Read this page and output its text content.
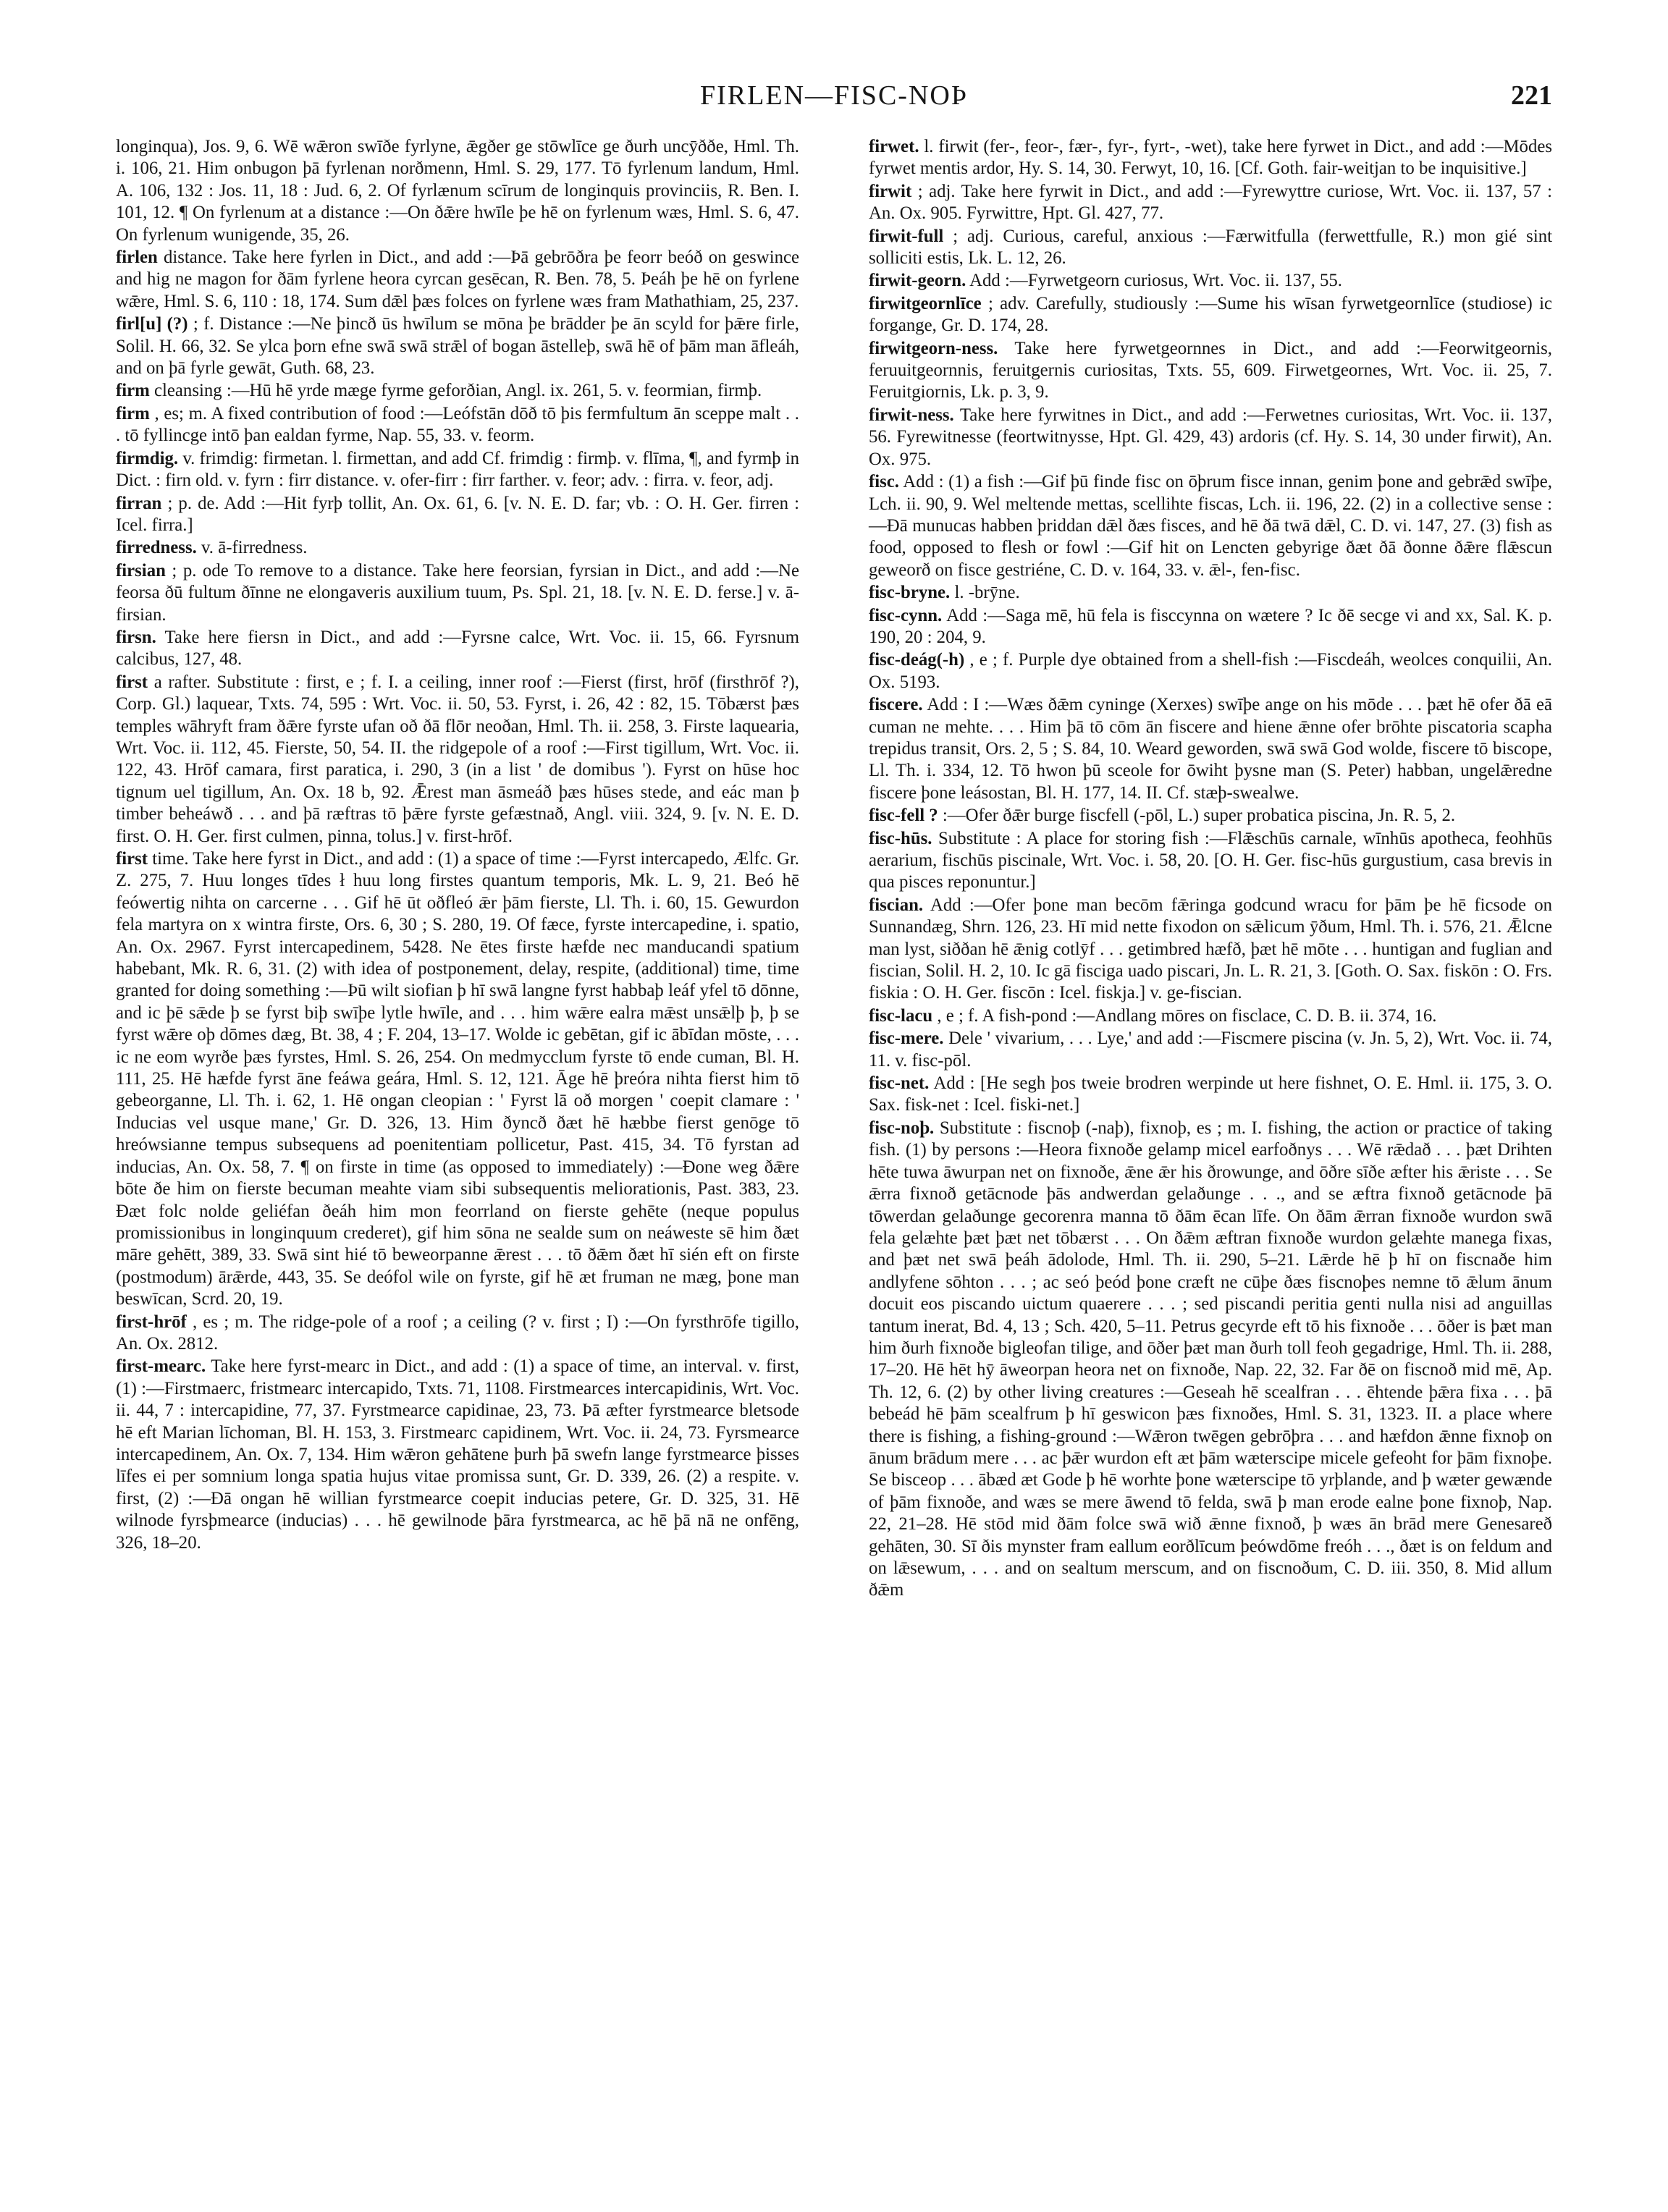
FIRLEN—FISC-NOÞ	221

longinqua), Jos. 9, 6. Wē wǣron swīðe fyrlyne, ǣgðer ge stōwlīce ge ðurh uncȳððe, Hml. Th. i. 106, 21. Him onbugon þā fyrlenan norðmenn, Hml. S. 29, 177. Tō fyrlenum landum, Hml. A. 106, 132 : Jos. 11, 18 : Jud. 6, 2. Of fyrlænum scīrum de longinquis provinciis, R. Ben. I. 101, 12. ¶ On fyrlenum at a distance :—On ðǣre hwīle þe hē on fyrlenum wæs, Hml. S. 6, 47. On fyrlenum wunigende, 35, 26.

firlen distance. Take here fyrlen in Dict., and add :—Þā gebrōðra þe feorr beóð on geswince and hig ne magon for ðām fyrlene heora cyrcan gesēcan, R. Ben. 78, 5. Þeáh þe hē on fyrlene wǣre, Hml. S. 6, 110 : 18, 174. Sum dǣl þæs folces on fyrlene wæs fram Mathathiam, 25, 237.

firl[u] (?) ; f. Distance :—Ne þincð ūs hwīlum se mōna þe brādder þe ān scyld for þǣre firle, Solil. H. 66, 32. Se ylca þorn efne swā swā strǣl of bogan āstelleþ, swā hē of þām man āfleáh, and on þā fyrle gewāt, Guth. 68, 23.

firm cleansing :—Hū hē yrde mæge fyrme geforðian, Angl. ix. 261, 5. v. feormian, firmþ.

firm , es; m. A fixed contribution of food :—Leófstān dōð tō þis fermfultum ān sceppe malt . . . tō fyllincge intō þan ealdan fyrme, Nap. 55, 33. v. feorm.

firmdig. v. frimdig: firmetan. l. firmettan, and add Cf. frimdig : firmþ. v. flīma, ¶, and fyrmþ in Dict. : firn old. v. fyrn : firr distance. v. ofer-firr : firr farther. v. feor; adv. : firra. v. feor, adj.

firran ; p. de. Add :—Hit fyrþ tollit, An. Ox. 61, 6. [v. N. E. D. far; vb. : O. H. Ger. firren : Icel. firra.]

firredness. v. ā-firredness.

firsian ; p. ode To remove to a distance. Take here feorsian, fyrsian in Dict., and add :—Ne feorsa ðū fultum ðīnne ne elongaveris auxilium tuum, Ps. Spl. 21, 18. [v. N. E. D. ferse.] v. ā-firsian.

firsn. Take here fiersn in Dict., and add :—Fyrsne calce, Wrt. Voc. ii. 15, 66. Fyrsnum calcibus, 127, 48.

first a rafter. Substitute : first, e ; f. I. a ceiling, inner roof :—Fierst (first, hrōf (firsthrōf ?), Corp. Gl.) laquear, Txts. 74, 595 : Wrt. Voc. ii. 50, 53. Fyrst, i. 26, 42 : 82, 15. Tōbærst þæs temples wāhryft fram ðǣre fyrste ufan oð ðā flōr neoðan, Hml. Th. ii. 258, 3. Firste laquearia, Wrt. Voc. ii. 112, 45. Fierste, 50, 54. II. the ridgepole of a roof :—First tigillum, Wrt. Voc. ii. 122, 43. Hrōf camara, first paratica, i. 290, 3 (in a list ' de domibus '). Fyrst on hūse hoc tignum uel tigillum, An. Ox. 18 b, 92. Ǣrest man āsmeáð þæs hūses stede, and eác man þ timber beheáwð . . . and þā ræftras tō þǣre fyrste gefæstnað, Angl. viii. 324, 9. [v. N. E. D. first. O. H. Ger. first culmen, pinna, tolus.] v. first-hrōf.

first time. Take here fyrst in Dict., and add : (1) a space of time :—Fyrst intercapedo, Ælfc. Gr. Z. 275, 7. Huu longes tīdes ł huu long firstes quantum temporis, Mk. L. 9, 21. Beó hē feówertig nihta on carcerne . . . Gif hē ūt oðfleó ǣr þām fierste, Ll. Th. i. 60, 15. Gewurdon fela martyra on x wintra firste, Ors. 6, 30 ; S. 280, 19. Of fæce, fyrste intercapedine, i. spatio, An. Ox. 2967. Fyrst intercapedinem, 5428. Ne ētes firste hæfde nec manducandi spatium habebant, Mk. R. 6, 31. (2) with idea of postponement, delay, respite, (additional) time, time granted for doing something :—Þū wilt siofian þ hī swā langne fyrst habbaþ leáf yfel tō dōnne, and ic þē sǣde þ se fyrst biþ swīþe lytle hwīle, and . . . him wǣre ealra mǣst unsǣlþ þ, þ se fyrst wǣre oþ dōmes dæg, Bt. 38, 4 ; F. 204, 13–17. Wolde ic gebētan, gif ic ābīdan mōste, . . . ic ne eom wyrðe þæs fyrstes, Hml. S. 26, 254. On medmycclum fyrste tō ende cuman, Bl. H. 111, 25. Hē hæfde fyrst āne feáwa geára, Hml. S. 12, 121. Āge hē þreóra nihta fierst him tō gebeorganne, Ll. Th. i. 62, 1. Hē ongan cleopian : ' Fyrst lā oð morgen ' coepit clamare : ' Inducias vel usque mane,' Gr. D. 326, 13. Him ðyncð ðæt hē hæbbe fierst genōge tō hreówsianne tempus subsequens ad poenitentiam pollicetur, Past. 415, 34. Tō fyrstan ad inducias, An. Ox. 58, 7. ¶ on firste in time (as opposed to immediately) :—Ðone weg ðǣre bōte ðe him on fierste becuman meahte viam sibi subsequentis meliorationis, Past. 383, 23. Ðæt folc nolde geliéfan ðeáh him mon feorrland on fierste gehēte (neque populus promissionibus in longinquum crederet), gif him sōna ne sealde sum on neáweste sē him ðæt māre gehētt, 389, 33. Swā sint hié tō beweorpanne ǣrest . . . tō ðǣm ðæt hī sién eft on firste (postmodum) ārǣrde, 443, 35. Se deófol wile on fyrste, gif hē æt fruman ne mæg, þone man beswīcan, Scrd. 20, 19.

first-hrōf , es ; m. The ridge-pole of a roof ; a ceiling (? v. first ; I) :—On fyrsthrōfe tigillo, An. Ox. 2812.

first-mearc. Take here fyrst-mearc in Dict., and add : (1) a space of time, an interval. v. first, (1) :—Firstmaerc, fristmearc intercapido, Txts. 71, 1108. Firstmearces intercapidinis, Wrt. Voc. ii. 44, 7 : intercapidine, 77, 37. Fyrstmearce capidinae, 23, 73. Þā æfter fyrstmearce bletsode hē eft Marian līchoman, Bl. H. 153, 3. Firstmearc capidinem, Wrt. Voc. ii. 24, 73. Fyrsmearce intercapedinem, An. Ox. 7, 134. Him wǣron gehātene þurh þā swefn lange fyrstmearce þisses līfes ei per somnium longa spatia hujus vitae promissa sunt, Gr. D. 339, 26. (2) a respite. v. first, (2) :—Ðā ongan hē willian fyrstmearce coepit inducias petere, Gr. D. 325, 31. Hē wilnode fyrsþmearce (inducias) . . . hē gewilnode þāra fyrstmearca, ac hē þā nā ne onfēng, 326, 18–20.

firwet. l. firwit (fer-, feor-, fær-, fyr-, fyrt-, -wet), take here fyrwet in Dict., and add :—Mōdes fyrwet mentis ardor, Hy. S. 14, 30. Ferwyt, 10, 16. [Cf. Goth. fair-weitjan to be inquisitive.]

firwit ; adj. Take here fyrwit in Dict., and add :—Fyrewyttre curiose, Wrt. Voc. ii. 137, 57 : An. Ox. 905. Fyrwittre, Hpt. Gl. 427, 77.

firwit-full ; adj. Curious, careful, anxious :—Færwitfulla (ferwettfulle, R.) mon gié sint solliciti estis, Lk. L. 12, 26.

firwit-georn. Add :—Fyrwetgeorn curiosus, Wrt. Voc. ii. 137, 55.

firwitgeornlīce ; adv. Carefully, studiously :—Sume his wīsan fyrwetgeornlīce (studiose) ic forgange, Gr. D. 174, 28.

firwitgeorn-ness. Take here fyrwetgeornnes in Dict., and add :—Feorwitgeornis, feruuitgeornnis, feruitgernis curiositas, Txts. 55, 609. Firwetgeornes, Wrt. Voc. ii. 25, 7. Feruitgiornis, Lk. p. 3, 9.

firwit-ness. Take here fyrwitnes in Dict., and add :—Ferwetnes curiositas, Wrt. Voc. ii. 137, 56. Fyrewitnesse (feortwitnysse, Hpt. Gl. 429, 43) ardoris (cf. Hy. S. 14, 30 under firwit), An. Ox. 975.

fisc. Add : (1) a fish :—Gif þū finde fisc on ōþrum fisce innan, genim þone and gebrǣd swīþe, Lch. ii. 90, 9. Wel meltende mettas, scellihte fiscas, Lch. ii. 196, 22. (2) in a collective sense :—Ðā munucas habben þriddan dǣl ðæs fisces, and hē ðā twā dǣl, C. D. vi. 147, 27. (3) fish as food, opposed to flesh or fowl :—Gif hit on Lencten gebyrige ðæt ðā ðonne ðǣre flǣscun geweorð on fisce gestriéne, C. D. v. 164, 33. v. ǣl-, fen-fisc.

fisc-bryne. l. -brȳne.

fisc-cynn. Add :—Saga mē, hū fela is fisccynna on wætere ? Ic ðē secge vi and xx, Sal. K. p. 190, 20 : 204, 9.

fisc-deág(-h) , e ; f. Purple dye obtained from a shell-fish :—Fiscdeáh, weolces conquilii, An. Ox. 5193.

fiscere. Add : I :—Wæs ðǣm cyninge (Xerxes) swīþe ange on his mōde . . . þæt hē ofer ðā eā cuman ne mehte. . . . Him þā tō cōm ān fiscere and hiene ǣnne ofer brōhte piscatoria scapha trepidus transit, Ors. 2, 5 ; S. 84, 10. Weard geworden, swā swā God wolde, fiscere tō biscope, Ll. Th. i. 334, 12. Tō hwon þū sceole for ōwiht þysne man (S. Peter) habban, ungelǣredne fiscere þone leásostan, Bl. H. 177, 14. II. Cf. stæþ-swealwe.

fisc-fell ? :—Ofer ðǣr burge fiscfell (-pōl, L.) super probatica piscina, Jn. R. 5, 2.

fisc-hūs. Substitute : A place for storing fish :—Flǣschūs carnale, wīnhūs apotheca, feohhūs aerarium, fischūs piscinale, Wrt. Voc. i. 58, 20. [O. H. Ger. fisc-hūs gurgustium, casa brevis in qua pisces reponuntur.]

fiscian. Add :—Ofer þone man becōm fǣringa godcund wracu for þām þe hē ficsode on Sunnandæg, Shrn. 126, 23. Hī mid nette fixodon on sǣlicum ȳðum, Hml. Th. i. 576, 21. Ǣlcne man lyst, siððan hē ǣnig cotlȳf . . . getimbred hæfð, þæt hē mōte . . . huntigan and fuglian and fiscian, Solil. H. 2, 10. Ic gā fisciga uado piscari, Jn. L. R. 21, 3. [Goth. O. Sax. fiskōn : O. Frs. fiskia : O. H. Ger. fiscōn : Icel. fiskja.] v. ge-fiscian.

fisc-lacu , e ; f. A fish-pond :—Andlang mōres on fisclace, C. D. B. ii. 374, 16.

fisc-mere. Dele ' vivarium, . . . Lye,' and add :—Fiscmere piscina (v. Jn. 5, 2), Wrt. Voc. ii. 74, 11. v. fisc-pōl.

fisc-net. Add : [He segh þos tweie brodren werpinde ut here fishnet, O. E. Hml. ii. 175, 3. O. Sax. fisk-net : Icel. fiski-net.]

fisc-noþ. Substitute : fiscnoþ (-naþ), fixnoþ, es ; m. I. fishing, the action or practice of taking fish. (1) by persons :—Heora fixnoðe gelamp micel earfoðnys . . . Wē rǣdað . . . þæt Drihten hēte tuwa āwurpan net on fixnoðe, ǣne ǣr his ðrowunge, and ōðre sīðe æfter his ǣriste . . . Se ǣrra fixnoð getācnode þās andwerdan gelaðunge . . ., and se æftra fixnoð getācnode þā tōwerdan gelaðunge gecorenra manna tō ðām ēcan līfe. On ðām ǣrran fixnoðe wurdon swā fela gelæhte þæt þæt net tōbærst . . . On ðǣm æftran fixnoðe wurdon gelæhte manega fixas, and þæt net swā þeáh ādolode, Hml. Th. ii. 290, 5–21. Lǣrde hē þ hī on fiscnaðe him andlyfene sōhton . . . ; ac seó þeód þone cræft ne cūþe ðæs fiscnoþes nemne tō ǣlum ānum docuit eos piscando uictum quaerere . . . ; sed piscandi peritia genti nulla nisi ad anguillas tantum inerat, Bd. 4, 13 ; Sch. 420, 5–11. Petrus gecyrde eft tō his fixnoðe . . . ōðer is þæt man him ðurh fixnoðe bigleofan tilige, and ōðer þæt man ðurh toll feoh gegadrige, Hml. Th. ii. 288, 17–20. Hē hēt hȳ āweorpan heora net on fixnoðe, Nap. 22, 32. Far ðē on fiscnoð mid mē, Ap. Th. 12, 6. (2) by other living creatures :—Geseah hē scealfran . . . ēhtende þǣra fixa . . . þā bebeád hē þām scealfrum þ hī geswicon þæs fixnoðes, Hml. S. 31, 1323. II. a place where there is fishing, a fishing-ground :—Wǣron twēgen gebrōþra . . . and hæfdon ǣnne fixnoþ on ānum brādum mere . . . ac þǣr wurdon eft æt þām wæterscipe micele gefeoht for þām fixnoþe. Se bisceop . . . ābæd æt Gode þ hē worhte þone wæterscipe tō yrþlande, and þ wæter gewænde of þām fixnoðe, and wæs se mere āwend tō felda, swā þ man erode ealne þone fixnoþ, Nap. 22, 21–28. Hē stōd mid ðām folce swā wið ǣnne fixnoð, þ wæs ān brād mere Genesareð gehāten, 30. Sī ðis mynster fram eallum eorðlīcum þeówdōme freóh . . ., ðæt is on feldum and on lǣsewum, . . . and on sealtum merscum, and on fiscnoðum, C. D. iii. 350, 8. Mid allum ðǣm
